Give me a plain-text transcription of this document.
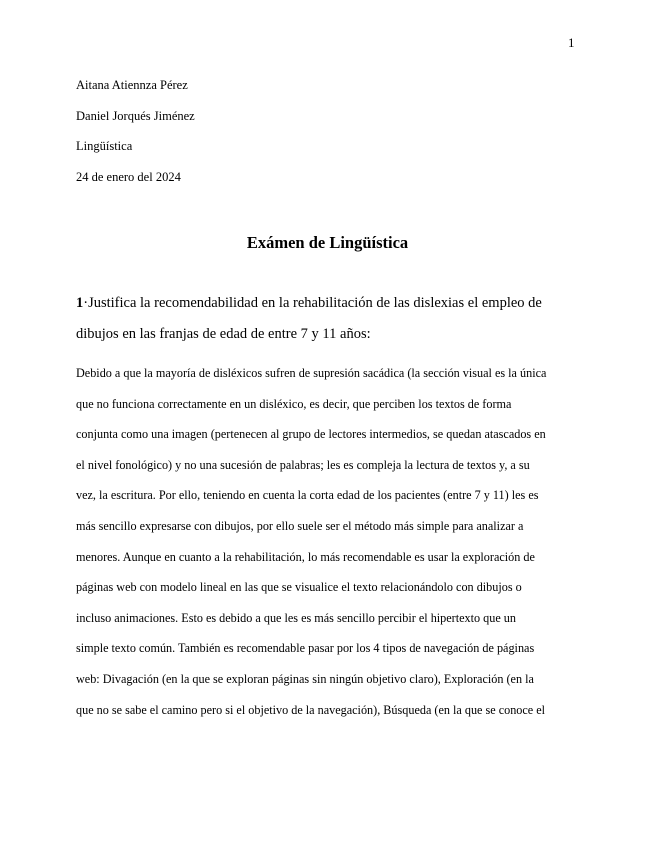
1
Aitana Atiennza Pérez
Daniel Jorqués Jiménez
Lingüística
24 de enero del 2024
Exámen de Lingüística
1·Justifica la recomendabilidad en la rehabilitación de las dislexias el empleo de
dibujos en las franjas de edad de entre 7 y 11 años:
Debido a que la mayoría de disléxicos sufren de supresión sacádica (la sección visual es la única
que no funciona correctamente en un disléxico, es decir, que perciben los textos de forma
conjunta como una imagen (pertenecen al grupo de lectores intermedios, se quedan atascados en
el nivel fonológico) y no una sucesión de palabras; les es compleja la lectura de textos y, a su
vez, la escritura. Por ello, teniendo en cuenta la corta edad de los pacientes (entre 7 y 11) les es
más sencillo expresarse con dibujos, por ello suele ser el método más simple para analizar a
menores. Aunque en cuanto a la rehabilitación, lo más recomendable es usar la exploración de
páginas web con modelo lineal en las que se visualice el texto relacionándolo con dibujos o
incluso animaciones. Esto es debido a que les es más sencillo percibir el hipertexto que un
simple texto común. También es recomendable pasar por los 4 tipos de navegación de páginas
web: Divagación (en la que se exploran páginas sin ningún objetivo claro), Exploración (en la
que no se sabe el camino pero si el objetivo de la navegación), Búsqueda (en la que se conoce el
